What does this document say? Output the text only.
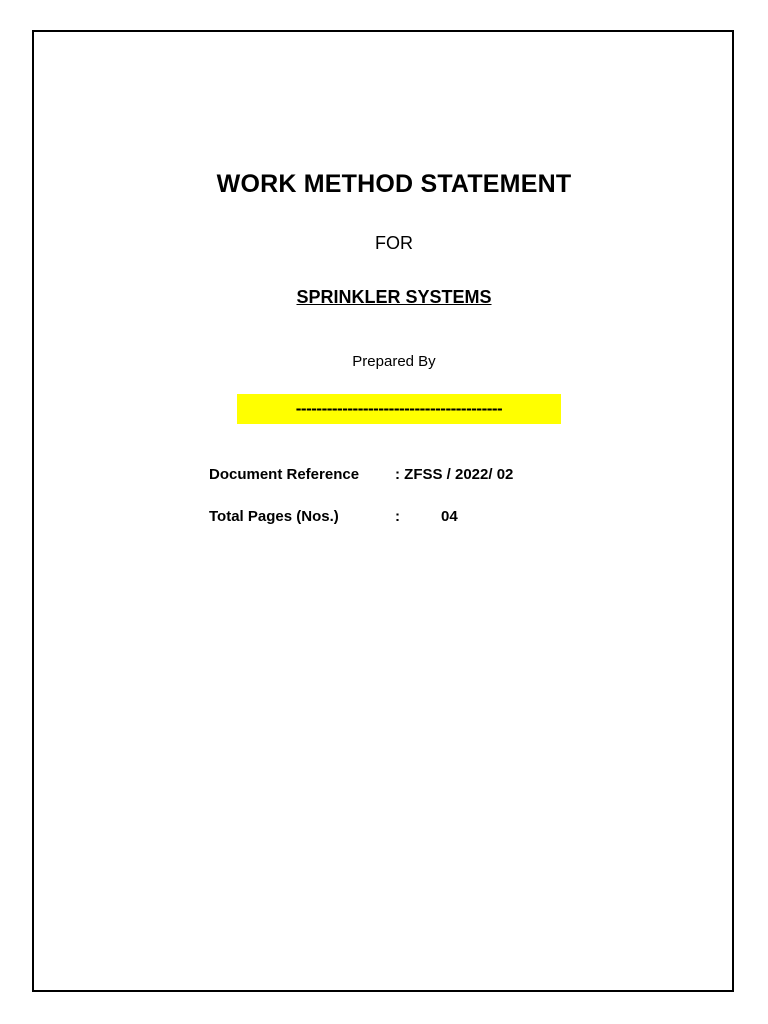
WORK METHOD STATEMENT
FOR
SPRINKLER SYSTEMS
Prepared By
----------------------------------------
Document Reference : ZFSS / 2022/ 02
Total Pages (Nos.)	:	04
